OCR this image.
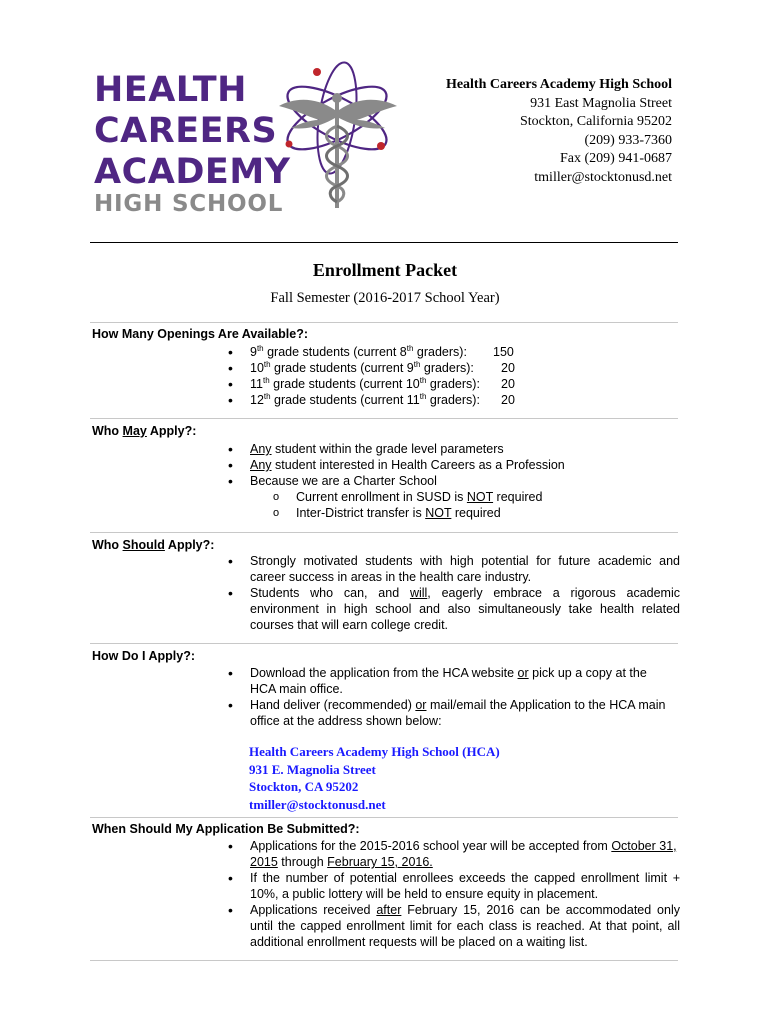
HEALTH
CAREERS
ACADEMY
HIGH SCHOOL
Health Careers Academy High School
931 East Magnolia Street
Stockton, California 95202
(209) 933-7360
Fax (209) 941-0687
tmiller@stocktonusd.net
Enrollment Packet
Fall Semester (2016-2017 School Year)
How Many Openings Are Available?:
• 9th grade students (current 8th graders): 150
• 10th grade students (current 9th graders): 20
• 11th grade students (current 10th graders): 20
• 12th grade students (current 11th graders): 20
Who May Apply?:
• Any student within the grade level parameters
• Any student interested in Health Careers as a Profession
• Because we are a Charter School
o Current enrollment in SUSD is NOT required
o Inter-District transfer is NOT required
Who Should Apply?:
• Strongly motivated students with high potential for future academic and career success in areas in the health care industry.
• Students who can, and will, eagerly embrace a rigorous academic environment in high school and also simultaneously take health related courses that will earn college credit.
How Do I Apply?:
• Download the application from the HCA website or pick up a copy at the HCA main office.
• Hand deliver (recommended) or mail/email the Application to the HCA main office at the address shown below:
Health Careers Academy High School (HCA)
931 E. Magnolia Street
Stockton, CA 95202
tmiller@stocktonusd.net
When Should My Application Be Submitted?:
• Applications for the 2015-2016 school year will be accepted from October 31, 2015 through February 15, 2016.
• If the number of potential enrollees exceeds the capped enrollment limit + 10%, a public lottery will be held to ensure equity in placement.
• Applications received after February 15, 2016 can be accommodated only until the capped enrollment limit for each class is reached. At that point, all additional enrollment requests will be placed on a waiting list.
